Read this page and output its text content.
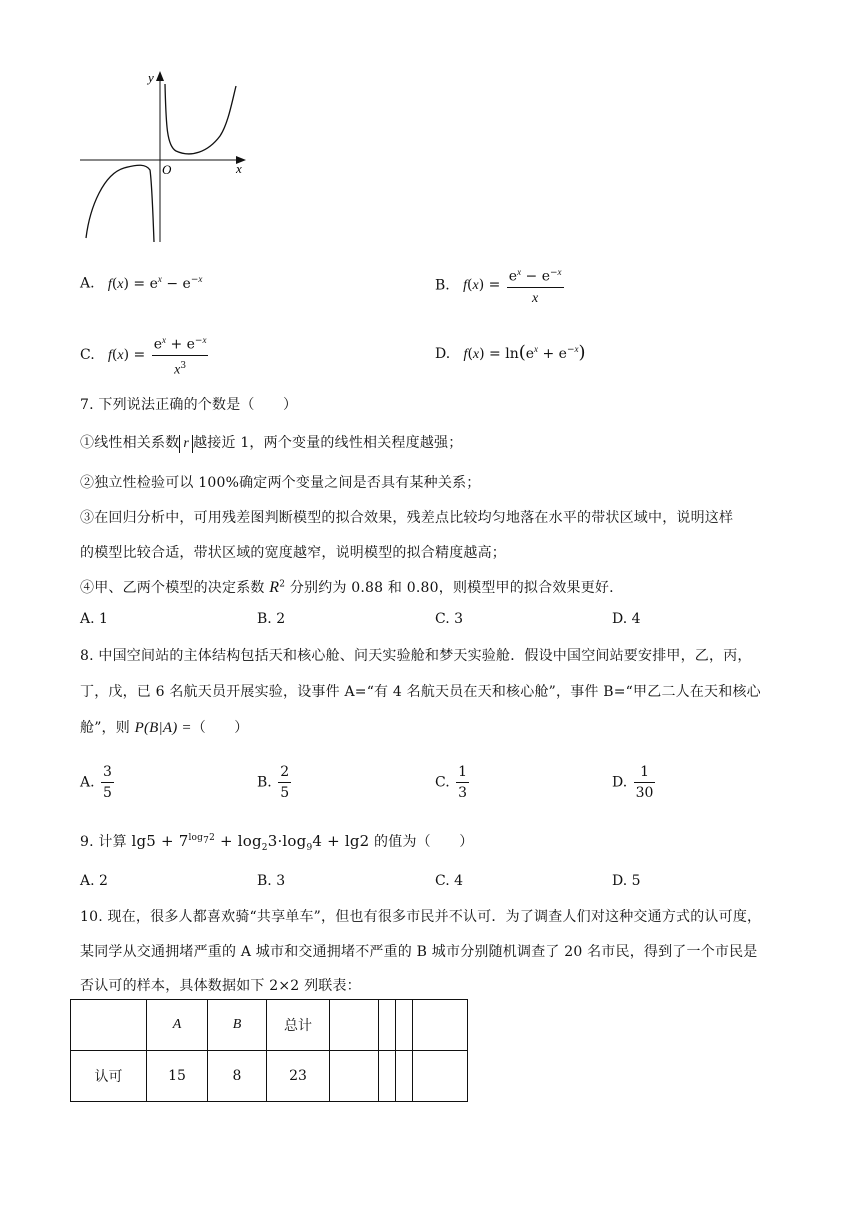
y
x
O
A. $f(x) = e^x - e^{-x}$	B. $f(x) = \frac{e^x - e^{-x}}{x}$
C. $f(x) = \frac{e^x + e^{-x}}{x^3}$	D. $f(x) = \ln(e^x + e^{-x})$
7. 下列说法正确的个数是（　　）
①线性相关系数 r 越接近 1，两个变量的线性相关程度越强；
②独立性检验可以 100%确定两个变量之间是否具有某种关系；
③在回归分析中，可用残差图判断模型的拟合效果，残差点比较均匀地落在水平的带状区域中，说明这样
的模型比较合适，带状区域的宽度越窄，说明模型的拟合精度越高；
④甲、乙两个模型的决定系数 $R^2$ 分别约为 0.88 和 0.80，则模型甲的拟合效果更好.
A. 1	B. 2	C. 3	D. 4
8. 中国空间站的主体结构包括天和核心舱、问天实验舱和梦天实验舱．假设中国空间站要安排甲，乙，丙，
丁，戊，已 6 名航天员开展实验，设事件 A=“有 4 名航天员在天和核心舱”，事件 B=“甲乙二人在天和核心
舱”，则 P(B|A) =（　　）
A. $\frac{3}{5}$	B. $\frac{2}{5}$	C. $\frac{1}{3}$	D. $\frac{1}{30}$
9. 计算 $\lg 5 + 7^{log_72} + \log_23\cdot\log_94 + \lg 2$ 的值为（　　）
A. 2	B. 3	C. 4	D. 5
10. 现在，很多人都喜欢骑“共享单车”，但也有很多市民并不认可．为了调查人们对这种交通方式的认可度，
某同学从交通拥堵严重的 A 城市和交通拥堵不严重的 B 城市分别随机调查了 20 名市民，得到了一个市民是
否认可的样本，具体数据如下 2×2 列联表：
	A	B	总计				
认可	15	8	23				
